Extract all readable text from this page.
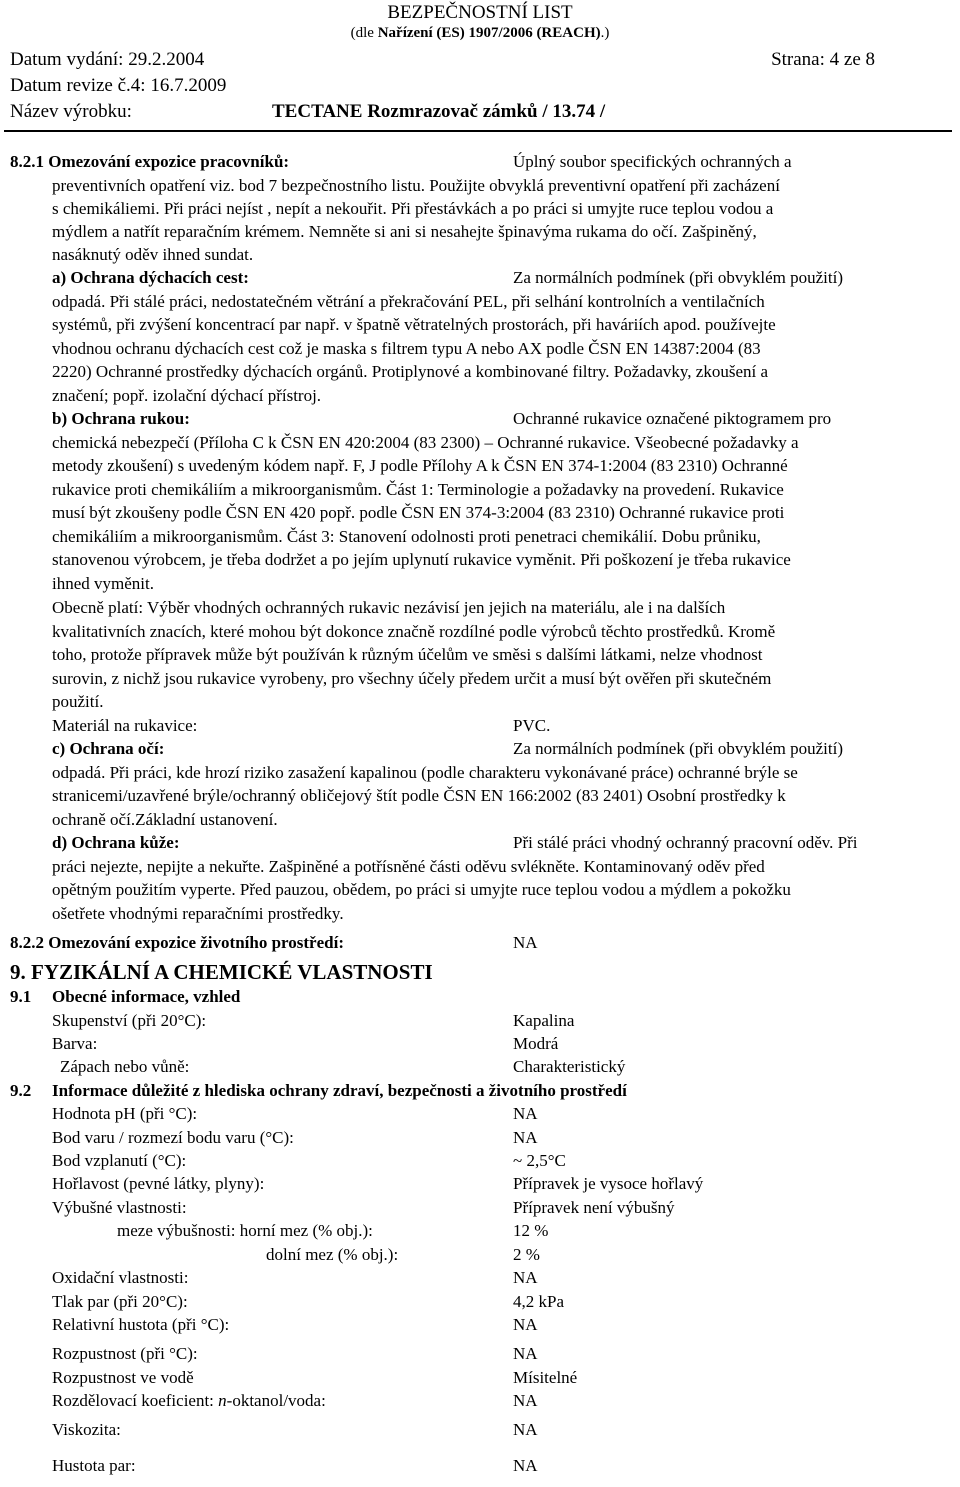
BEZPEČNOSTNÍ LIST
(dle Nařízení (ES) 1907/2006 (REACH).)
Datum vydání: 29.2.2004	Strana: 4 ze 8
Datum revize č.4: 16.7.2009
Název výrobku:	TECTANE Rozmrazovač zámků / 13.74 /
8.2.1 Omezování expozice pracovníků:	Úplný soubor specifických ochranných a
preventivních opatření viz. bod 7 bezpečnostního listu. Použijte obvyklá preventivní opatření při zacházení
s chemikáliemi. Při práci nejíst , nepít a nekouřit. Při přestávkách a po práci si umyjte ruce teplou vodou a
mýdlem a natřít reparačním krémem. Nemněte si ani si nesahejte špinavýma rukama do očí. Zašpiněný,
nasáknutý oděv ihned sundat.
a) Ochrana dýchacích cest:	Za normálních podmínek (při obvyklém použití)
odpadá. Při stálé práci, nedostatečném větrání a překračování PEL, při selhání kontrolních a ventilačních
systémů, při zvýšení koncentrací par např. v špatně větratelných prostorách, při haváriích apod. používejte
vhodnou ochranu dýchacích cest což je maska s filtrem typu A nebo AX podle ČSN EN 14387:2004 (83
2220) Ochranné prostředky dýchacích orgánů. Protiplynové a kombinované filtry. Požadavky, zkoušení a
značení; popř. izolační dýchací přístroj.
b) Ochrana rukou:	Ochranné rukavice označené piktogramem pro
chemická nebezpečí (Příloha C k ČSN EN 420:2004 (83 2300) – Ochranné rukavice. Všeobecné požadavky a
metody zkoušení) s uvedeným kódem např. F, J podle Přílohy A k ČSN EN 374-1:2004 (83 2310) Ochranné
rukavice proti chemikáliím a mikroorganismům. Část 1: Terminologie a požadavky na provedení. Rukavice
musí být zkoušeny podle ČSN EN 420 popř. podle ČSN EN 374-3:2004 (83 2310) Ochranné rukavice proti
chemikáliím a mikroorganismům. Část 3: Stanovení odolnosti proti penetraci chemikálií. Dobu průniku,
stanovenou výrobcem, je třeba dodržet a po jejím uplynutí rukavice vyměnit. Při poškození je třeba rukavice
ihned vyměnit.
Obecně platí: Výběr vhodných ochranných rukavic nezávisí jen jejich na materiálu, ale i na dalších
kvalitativních znacích, které mohou být dokonce značně rozdílné podle výrobců těchto prostředků. Kromě
toho, protože přípravek může být používán k různým účelům ve směsi s dalšími látkami, nelze vhodnost
surovin, z nichž jsou rukavice vyrobeny, pro všechny účely předem určit a musí být ověřen při skutečném
použití.
Materiál na rukavice:	PVC.
c) Ochrana očí:	Za normálních podmínek (při obvyklém použití)
odpadá. Při práci, kde hrozí riziko zasažení kapalinou (podle charakteru vykonávané práce) ochranné brýle se
stranicemi/uzavřené brýle/ochranný obličejový štít podle ČSN EN 166:2002 (83 2401) Osobní prostředky k
ochraně očí.Základní ustanovení.
d) Ochrana kůže:	Při stálé práci vhodný ochranný pracovní oděv. Při
práci nejezte, nepijte a nekuřte. Zašpiněné a potřísněné části oděvu svlékněte. Kontaminovaný oděv před
opětným použitím vyperte. Před pauzou, obědem, po práci si umyjte ruce teplou vodou a mýdlem a pokožku
ošetřete vhodnými reparačními prostředky.
8.2.2 Omezování expozice životního prostředí:	NA
9. FYZIKÁLNÍ A CHEMICKÉ VLASTNOSTI
9.1 Obecné informace, vzhled
Skupenství (při 20°C):	Kapalina
Barva:	Modrá
Zápach nebo vůně:	Charakteristický
9.2 Informace důležité z hlediska ochrany zdraví, bezpečnosti a životního prostředí
Hodnota pH (při °C):	NA
Bod varu / rozmezí bodu varu (°C):	NA
Bod vzplanutí (°C):	~ 2,5°C
Hořlavost (pevné látky, plyny):	Přípravek je vysoce hořlavý
Výbušné vlastnosti:	Přípravek není výbušný
meze výbušnosti: horní mez (% obj.):	12 %
dolní mez (% obj.):	2 %
Oxidační vlastnosti:	NA
Tlak par (při 20°C):	4,2 kPa
Relativní hustota (při °C):	NA
Rozpustnost (při °C):	NA
Rozpustnost ve vodě	Mísitelné
Rozdělovací koeficient: n-oktanol/voda:	NA
Viskozita:	NA
Hustota par:	NA
